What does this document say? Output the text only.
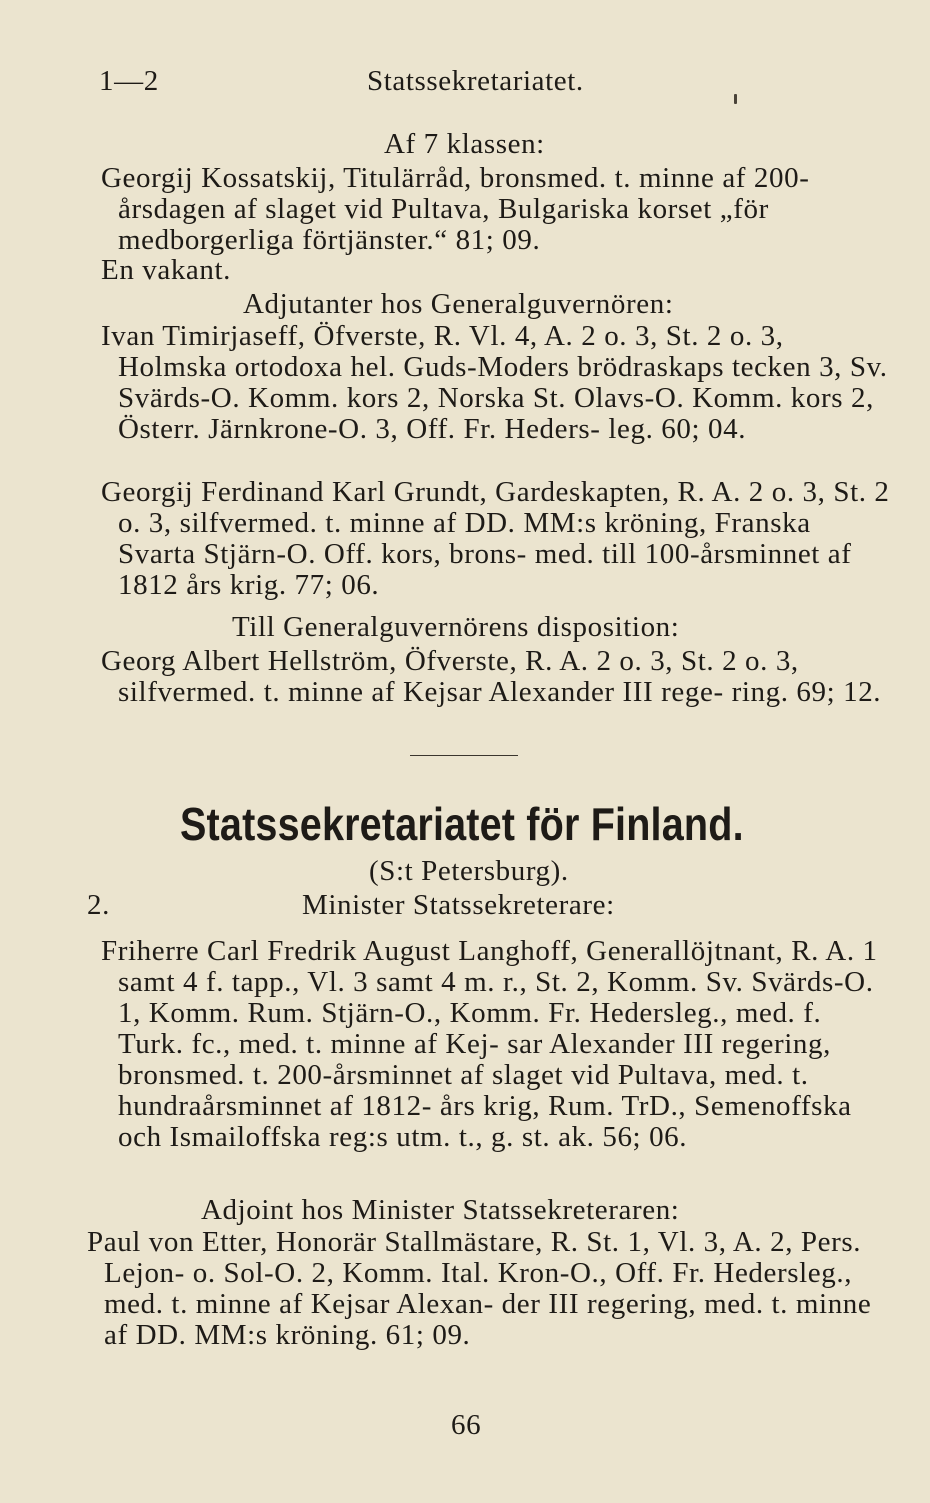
1—2	Statssekretariatet.
Af 7 klassen:
Georgij Kossatskij, Titulärråd, bronsmed. t. minne af 200- årsdagen af slaget vid Pultava, Bulgariska korset „för medborgerliga förtjänster.“ 81; 09.
En vakant.
Adjutanter hos Generalguvernören:
Ivan Timirjaseff, Öfverste, R. Vl. 4, A. 2 o. 3, St. 2 o. 3, Holmska ortodoxa hel. Guds-Moders brödraskaps tecken 3, Sv. Svärds-O. Komm. kors 2, Norska St. Olavs-O. Komm. kors 2, Österr. Järnkrone-O. 3, Off. Fr. Heders- leg. 60; 04.
Georgij Ferdinand Karl Grundt, Gardeskapten, R. A. 2 o. 3, St. 2 o. 3, silfvermed. t. minne af DD. MM:s kröning, Franska Svarta Stjärn-O. Off. kors, brons- med. till 100-årsminnet af 1812 års krig. 77; 06.
Till Generalguvernörens disposition:
Georg Albert Hellström, Öfverste, R. A. 2 o. 3, St. 2 o. 3, silfvermed. t. minne af Kejsar Alexander III rege- ring. 69; 12.
Statssekretariatet för Finland.
(S:t Petersburg).
2.	Minister Statssekreterare:
Friherre Carl Fredrik August Langhoff, Generallöjtnant, R. A. 1 samt 4 f. tapp., Vl. 3 samt 4 m. r., St. 2, Komm. Sv. Svärds-O. 1, Komm. Rum. Stjärn-O., Komm. Fr. Hedersleg., med. f. Turk. fc., med. t. minne af Kej- sar Alexander III regering, bronsmed. t. 200-årsminnet af slaget vid Pultava, med. t. hundraårsminnet af 1812- års krig, Rum. TrD., Semenoffska och Ismailoffska reg:s utm. t., g. st. ak. 56; 06.
Adjoint hos Minister Statssekreteraren:
Paul von Etter, Honorär Stallmästare, R. St. 1, Vl. 3, A. 2, Pers. Lejon- o. Sol-O. 2, Komm. Ital. Kron-O., Off. Fr. Hedersleg., med. t. minne af Kejsar Alexan- der III regering, med. t. minne af DD. MM:s kröning. 61; 09.
66
